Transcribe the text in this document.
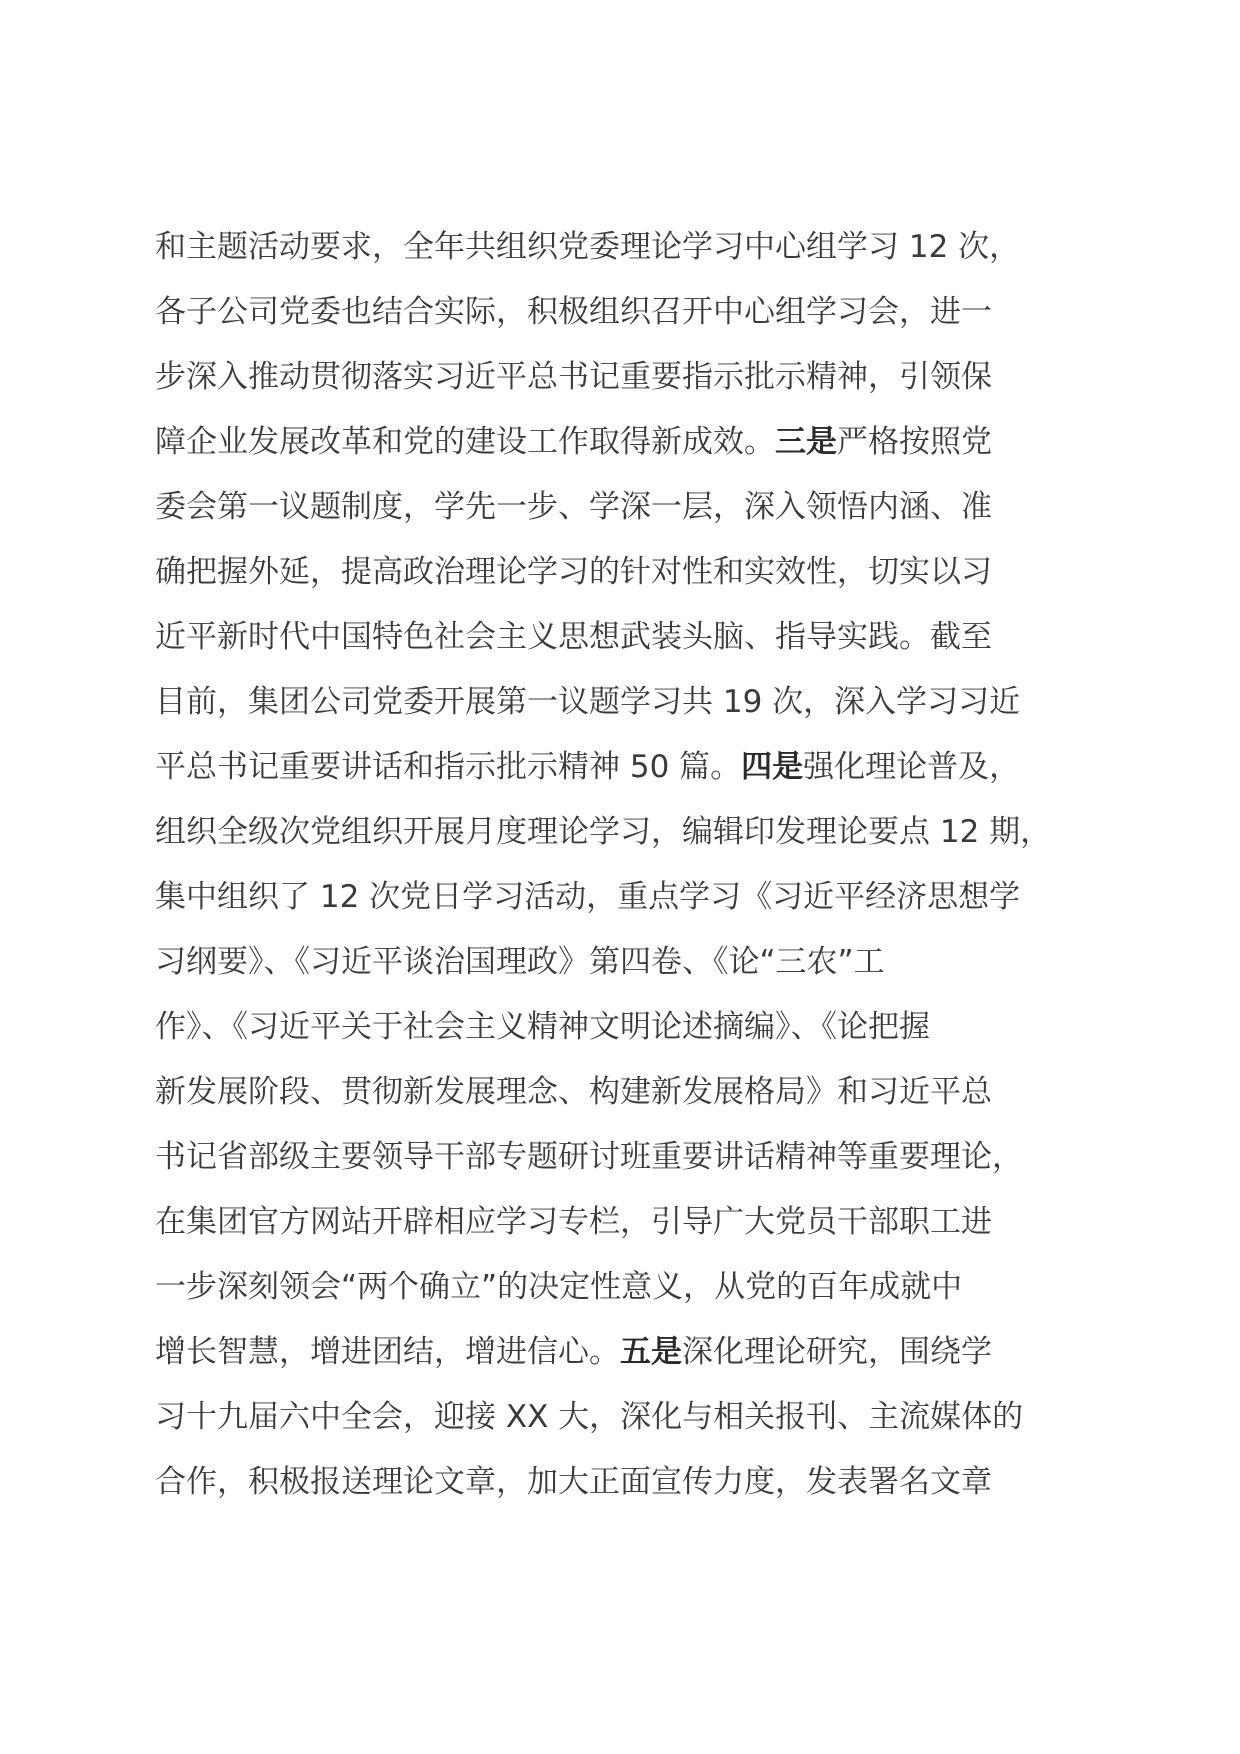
和主题活动要求，全年共组织党委理论学习中心组学习 12 次，
各子公司党委也结合实际，积极组织召开中心组学习会，进一
步深入推动贯彻落实习近平总书记重要指示批示精神，引领保
障企业发展改革和党的建设工作取得新成效。三是严格按照党
委会第一议题制度，学先一步、学深一层，深入领悟内涵、准
确把握外延，提高政治理论学习的针对性和实效性，切实以习
近平新时代中国特色社会主义思想武装头脑、指导实践。截至
目前，集团公司党委开展第一议题学习共 19 次，深入学习习近
平总书记重要讲话和指示批示精神 50 篇。四是强化理论普及，
组织全级次党组织开展月度理论学习，编辑印发理论要点 12 期，
集中组织了 12 次党日学习活动，重点学习《习近平经济思想学
习纲要》、《习近平谈治国理政》第四卷、《论“三农”工
作》、《习近平关于社会主义精神文明论述摘编》、《论把握
新发展阶段、贯彻新发展理念、构建新发展格局》和习近平总
书记省部级主要领导干部专题研讨班重要讲话精神等重要理论，
在集团官方网站开辟相应学习专栏，引导广大党员干部职工进
一步深刻领会“两个确立”的决定性意义，从党的百年成就中
增长智慧，增进团结，增进信心。五是深化理论研究，围绕学
习十九届六中全会，迎接 XX 大，深化与相关报刊、主流媒体的
合作，积极报送理论文章，加大正面宣传力度，发表署名文章
